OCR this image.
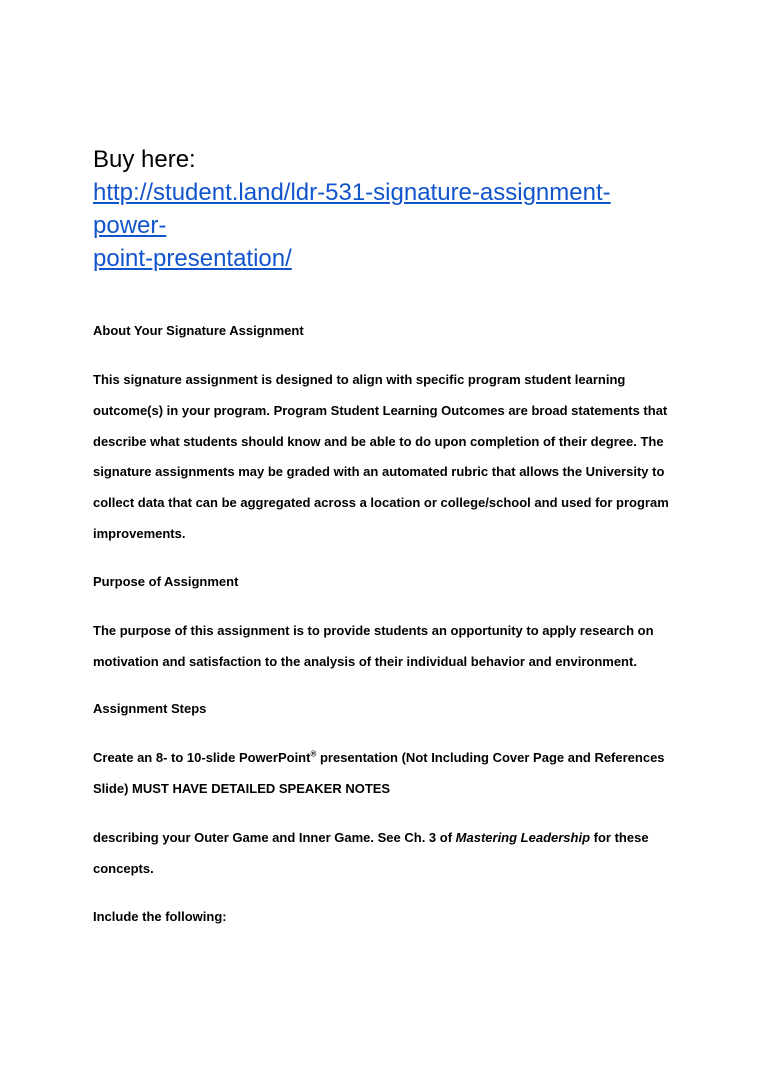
Buy here:

http://student.land/ldr-531-signature-assignment-power-
point-presentation/

About Your Signature Assignment

This signature assignment is designed to align with specific program student learning outcome(s) in your program. Program Student Learning Outcomes are broad statements that describe what students should know and be able to do upon completion of their degree. The signature assignments may be graded with an automated rubric that allows the University to collect data that can be aggregated across a location or college/school and used for program improvements.

Purpose of Assignment

The purpose of this assignment is to provide students an opportunity to apply research on motivation and satisfaction to the analysis of their individual behavior and environment.

Assignment Steps

Create an 8- to 10-slide PowerPoint® presentation (Not Including Cover Page and References Slide) MUST HAVE DETAILED SPEAKER NOTES

describing your Outer Game and Inner Game. See Ch. 3 of Mastering Leadership for these concepts.

Include the following:
